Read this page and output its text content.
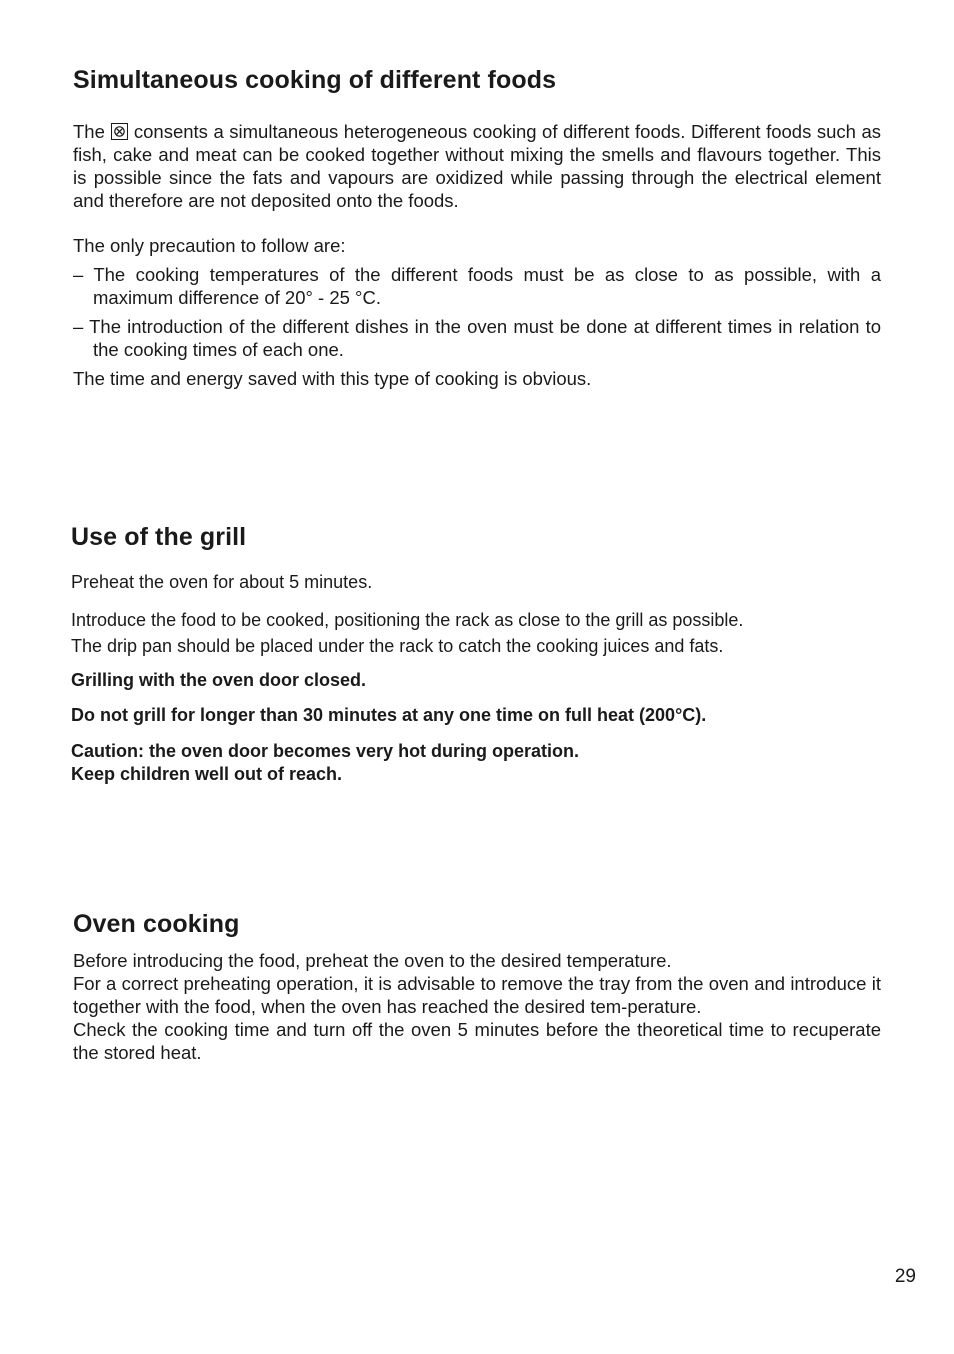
Simultaneous cooking of different foods

The consents a simultaneous heterogeneous cooking of different foods. Different foods such as fish, cake and meat can be cooked together without mixing the smells and flavours together. This is possible since the fats and vapours are oxidized while passing through the electrical element and therefore are not deposited onto the foods.

The only precaution to follow are:

– The cooking temperatures of the different foods must be as close to as possible, with a maximum difference of 20° - 25 °C.

– The introduction of the different dishes in the oven must be done at different times in relation to the cooking times of each one.

The time and energy saved with this type of cooking is obvious.

Use of the grill

Preheat the oven for about 5 minutes.

Introduce the food to be cooked, positioning the rack as close to the grill as possible.
The drip pan should be placed under the rack to catch the cooking juices and fats.

Grilling with the oven door closed.

Do not grill for longer than 30 minutes at any one time on full heat (200°C).

Caution: the oven door becomes very hot during operation.
Keep children well out of reach.

Oven cooking

Before introducing the food, preheat the oven to the desired temperature.

For a correct preheating operation, it is advisable to remove the tray from the oven and introduce it together with the food, when the oven has reached the desired tem-perature.

Check the cooking time and turn off the oven 5 minutes before the theoretical time to recuperate the stored heat.

29
